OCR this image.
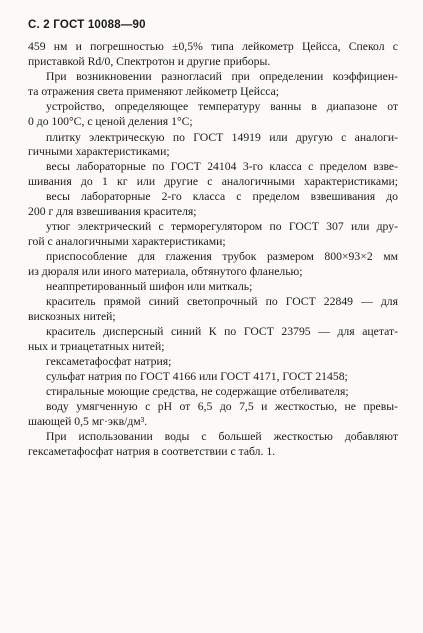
С. 2 ГОСТ 10088—90
459 нм и погрешностью ±0,5% типа лейкометр Цейсса, Спекол с
приставкой Rd/0, Спектротон и другие приборы.
При возникновении разногласий при определении коэффициен-
та отражения света применяют лейкометр Цейсса;
устройство, определяющее температуру ванны в диапазоне от
0 до 100°С, с ценой деления 1°С;
плитку электрическую по ГОСТ 14919 или другую с аналоги-
гичными характеристиками;
весы лабораторные по ГОСТ 24104 3-го класса с пределом взве-
шивания до 1 кг или другие с аналогичными характеристиками;
весы лабораторные 2-го класса с пределом взвешивания до
200 г для взвешивания красителя;
утюг электрический с терморегулятором по ГОСТ 307 или дру-
гой с аналогичными характеристиками;
приспособление для глажения трубок размером 800×93×2 мм
из дюраля или иного материала, обтянутого фланелью;
неаппретированный шифон или миткаль;
краситель прямой синий светопрочный по ГОСТ 22849 — для
вискозных нитей;
краситель дисперсный синий К по ГОСТ 23795 — для ацетат-
ных и триацетатных нитей;
гексаметафосфат натрия;
сульфат натрия по ГОСТ 4166 или ГОСТ 4171, ГОСТ 21458;
стиральные моющие средства, не содержащие отбеливателя;
воду умягченную с pH от 6,5 до 7,5 и жесткостью, не превы-
шающей 0,5 мг·экв/дм³.
При использовании воды с большей жесткостью добавляют
гексаметафосфат натрия в соответствии с табл. 1.
